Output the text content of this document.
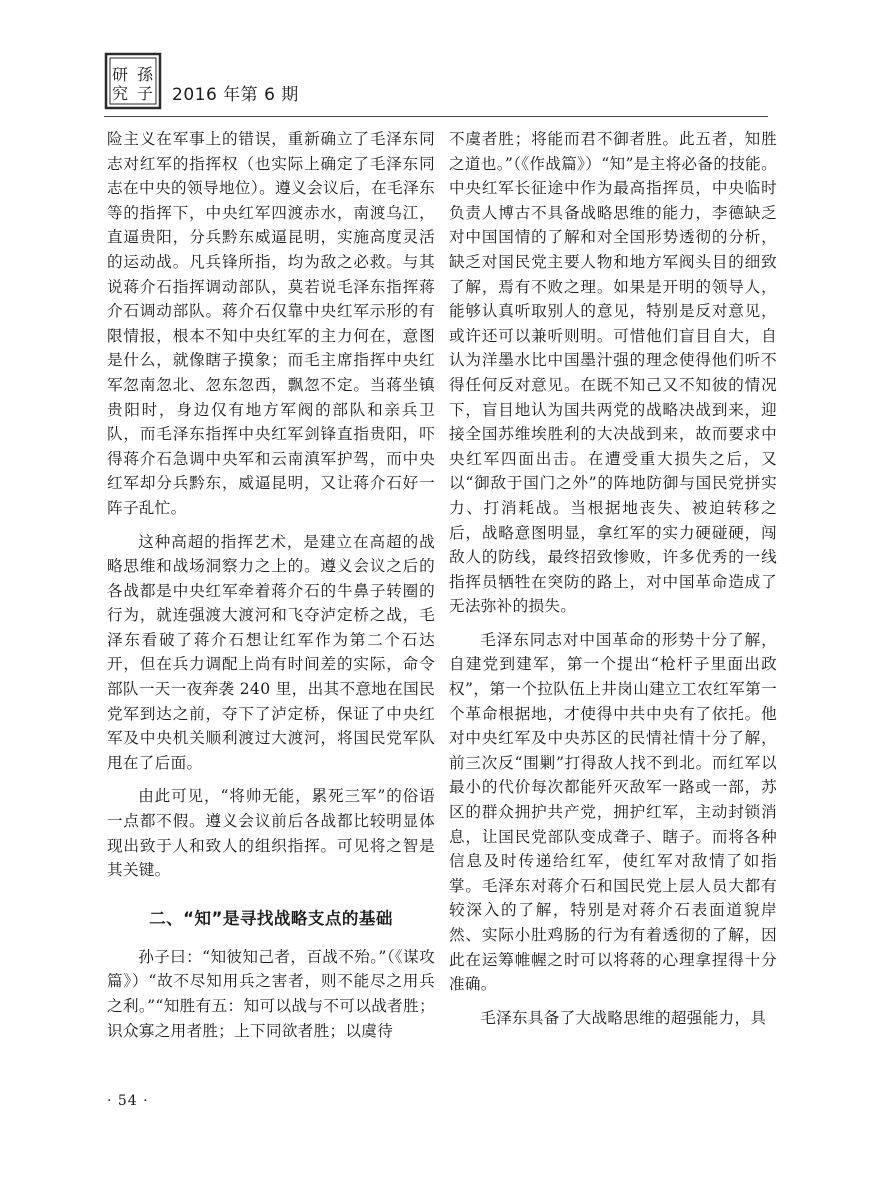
研
究
孫
子 2016 年第 6 期

险主义在军事上的错误，重新确立了毛泽东同志对红军的指挥权（也实际上确定了毛泽东同志在中央的领导地位）。遵义会议后，在毛泽东等的指挥下，中央红军四渡赤水，南渡乌江，直逼贵阳，分兵黔东威逼昆明，实施高度灵活的运动战。凡兵锋所指，均为敌之必救。与其说蒋介石指挥调动部队，莫若说毛泽东指挥蒋介石调动部队。蒋介石仅靠中央红军示形的有限情报，根本不知中央红军的主力何在，意图是什么，就像瞎子摸象；而毛主席指挥中央红军忽南忽北、忽东忽西，飘忽不定。当蒋坐镇贵阳时，身边仅有地方军阀的部队和亲兵卫队，而毛泽东指挥中央红军剑锋直指贵阳，吓得蒋介石急调中央军和云南滇军护驾，而中央红军却分兵黔东，威逼昆明，又让蒋介石好一阵子乱忙。

这种高超的指挥艺术，是建立在高超的战略思维和战场洞察力之上的。遵义会议之后的各战都是中央红军牵着蒋介石的牛鼻子转圈的行为，就连强渡大渡河和飞夺泸定桥之战，毛泽东看破了蒋介石想让红军作为第二个石达开，但在兵力调配上尚有时间差的实际，命令部队一天一夜奔袭 240 里，出其不意地在国民党军到达之前，夺下了泸定桥，保证了中央红军及中央机关顺利渡过大渡河，将国民党军队甩在了后面。

由此可见，“将帅无能，累死三军”的俗语一点都不假。遵义会议前后各战都比较明显体现出致于人和致人的组织指挥。可见将之智是其关键。

二、“知”是寻找战略支点的基础

孙子曰：“知彼知己者，百战不殆。”（《谋攻篇》）“故不尽知用兵之害者，则不能尽之用兵之利。”“知胜有五：知可以战与不可以战者胜；识众寡之用者胜；上下同欲者胜；以虞待

不虞者胜；将能而君不御者胜。此五者，知胜之道也。”（《作战篇》）“知”是主将必备的技能。中央红军长征途中作为最高指挥员，中央临时负责人博古不具备战略思维的能力，李德缺乏对中国国情的了解和对全国形势透彻的分析，缺乏对国民党主要人物和地方军阀头目的细致了解，焉有不败之理。如果是开明的领导人，能够认真听取别人的意见，特别是反对意见，或许还可以兼听则明。可惜他们盲目自大，自认为洋墨水比中国墨汁强的理念使得他们听不得任何反对意见。在既不知己又不知彼的情况下，盲目地认为国共两党的战略决战到来，迎接全国苏维埃胜利的大决战到来，故而要求中央红军四面出击。在遭受重大损失之后，又以“御敌于国门之外”的阵地防御与国民党拼实力、打消耗战。当根据地丧失、被迫转移之后，战略意图明显，拿红军的实力硬碰硬，闯敌人的防线，最终招致惨败，许多优秀的一线指挥员牺牲在突防的路上，对中国革命造成了无法弥补的损失。

毛泽东同志对中国革命的形势十分了解，自建党到建军，第一个提出“枪杆子里面出政权”，第一个拉队伍上井岗山建立工农红军第一个革命根据地，才使得中共中央有了依托。他对中央红军及中央苏区的民情社情十分了解，前三次反“围剿”打得敌人找不到北。而红军以最小的代价每次都能歼灭敌军一路或一部，苏区的群众拥护共产党，拥护红军，主动封锁消息，让国民党部队变成聋子、瞎子。而将各种信息及时传递给红军，使红军对敌情了如指掌。毛泽东对蒋介石和国民党上层人员大都有较深入的了解，特别是对蒋介石表面道貌岸然、实际小肚鸡肠的行为有着透彻的了解，因此在运筹帷幄之时可以将蒋的心理拿捏得十分准确。

毛泽东具备了大战略思维的超强能力，具

· 54 ·
